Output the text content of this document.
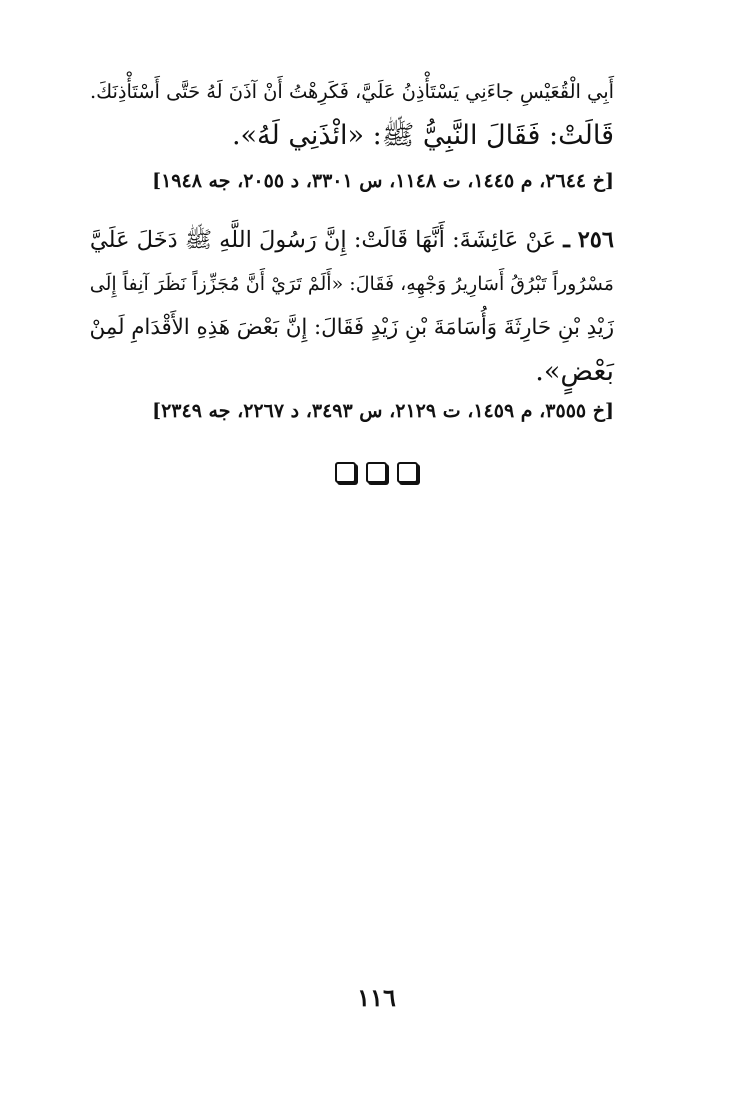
أَبِي الْقُعَيْسِ جاءَنِي يَسْتَأْذِنُ عَلَيَّ، فَكَرِهْتُ أَنْ آذَنَ لَهُ حَتَّى أَسْتَأْذِنَكَ.
قَالَتْ: فَقَالَ النَّبِيُّ ﷺ: «ائْذَنِي لَهُ».
[خ ٢٦٤٤، م ١٤٤٥، ت ١١٤٨، س ٣٣٠١، د ٢٠٥٥، جه ١٩٤٨]
٢٥٦ ـ عَنْ عَائِشَةَ: أَنَّهَا قَالَتْ: إِنَّ رَسُولَ اللَّهِ ﷺ دَخَلَ عَلَيَّ
مَسْرُوراً تَبْرُقُ أَسَارِيرُ وَجْهِهِ، فَقَالَ: «أَلَمْ تَرَيْ أَنَّ مُجَزِّزاً نَظَرَ آنِفاً إِلَى
زَيْدِ بْنِ حَارِثَةَ وَأُسَامَةَ بْنِ زَيْدٍ فَقَالَ: إِنَّ بَعْضَ هَذِهِ الأَقْدَامِ لَمِنْ
بَعْضٍ».
[خ ٣٥٥٥، م ١٤٥٩، ت ٢١٢٩، س ٣٤٩٣، د ٢٢٦٧، جه ٢٣٤٩]
١١٦
